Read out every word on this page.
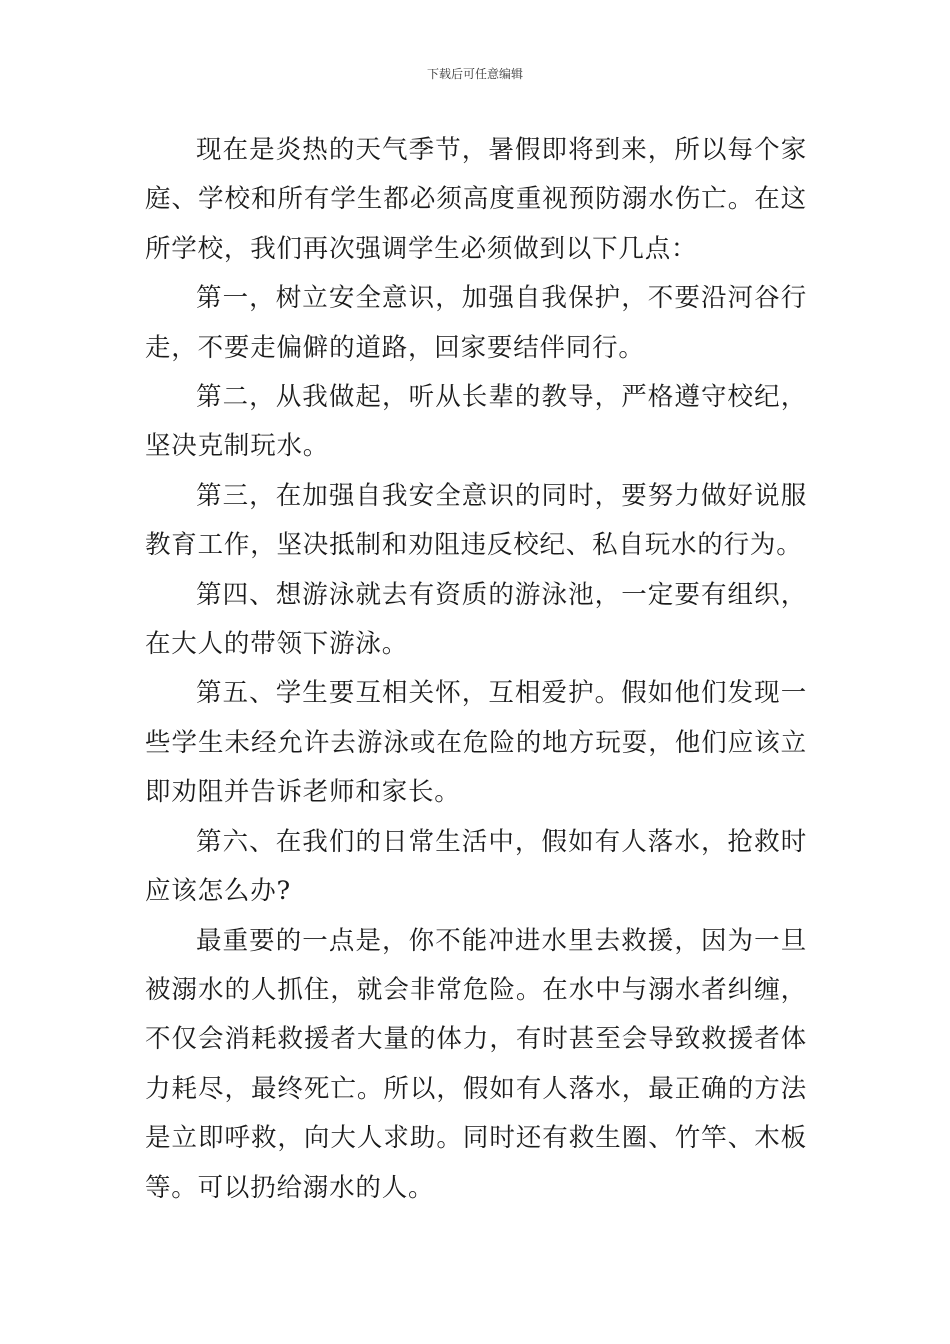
下载后可任意编辑

现在是炎热的天气季节，暑假即将到来，所以每个家庭、学校和所有学生都必须高度重视预防溺水伤亡。在这所学校，我们再次强调学生必须做到以下几点：

第一，树立安全意识，加强自我保护，不要沿河谷行走，不要走偏僻的道路，回家要结伴同行。

第二，从我做起，听从长辈的教导，严格遵守校纪，坚决克制玩水。

第三，在加强自我安全意识的同时，要努力做好说服教育工作，坚决抵制和劝阻违反校纪、私自玩水的行为。

第四、想游泳就去有资质的游泳池，一定要有组织，在大人的带领下游泳。

第五、学生要互相关怀，互相爱护。假如他们发现一些学生未经允许去游泳或在危险的地方玩耍，他们应该立即劝阻并告诉老师和家长。

第六、在我们的日常生活中，假如有人落水，抢救时应该怎么办?

最重要的一点是，你不能冲进水里去救援，因为一旦被溺水的人抓住，就会非常危险。在水中与溺水者纠缠，不仅会消耗救援者大量的体力，有时甚至会导致救援者体力耗尽，最终死亡。所以，假如有人落水，最正确的方法是立即呼救，向大人求助。同时还有救生圈、竹竿、木板等。可以扔给溺水的人。
